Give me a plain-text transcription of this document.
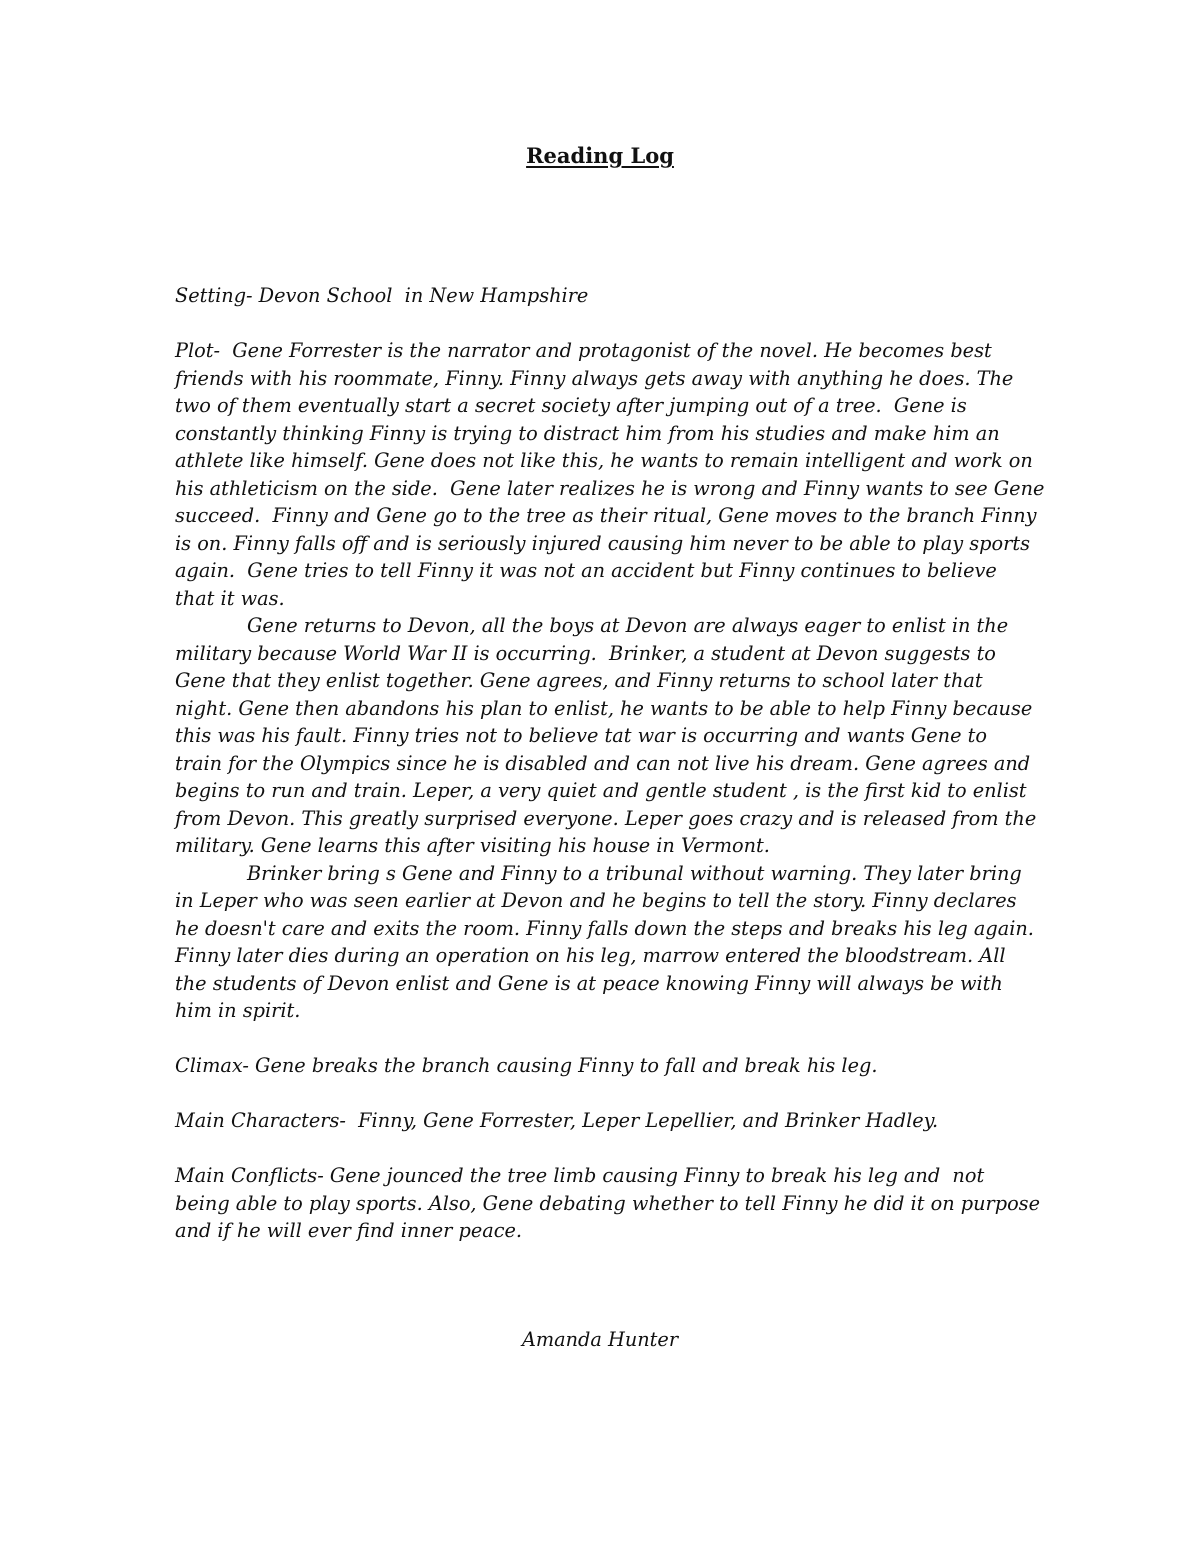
Reading Log
Setting- Devon School  in New Hampshire
Plot-  Gene Forrester is the narrator and protagonist of the novel. He becomes best
friends with his roommate, Finny. Finny always gets away with anything he does. The
two of them eventually start a secret society after jumping out of a tree.  Gene is
constantly thinking Finny is trying to distract him from his studies and make him an
athlete like himself. Gene does not like this, he wants to remain intelligent and work on
his athleticism on the side.  Gene later realizes he is wrong and Finny wants to see Gene
succeed.  Finny and Gene go to the tree as their ritual, Gene moves to the branch Finny
is on. Finny falls off and is seriously injured causing him never to be able to play sports
again.  Gene tries to tell Finny it was not an accident but Finny continues to believe
that it was.
Gene returns to Devon, all the boys at Devon are always eager to enlist in the
military because World War II is occurring.  Brinker, a student at Devon suggests to
Gene that they enlist together. Gene agrees, and Finny returns to school later that
night. Gene then abandons his plan to enlist, he wants to be able to help Finny because
this was his fault. Finny tries not to believe tat war is occurring and wants Gene to
train for the Olympics since he is disabled and can not live his dream. Gene agrees and
begins to run and train. Leper, a very quiet and gentle student , is the first kid to enlist
from Devon. This greatly surprised everyone. Leper goes crazy and is released from the
military. Gene learns this after visiting his house in Vermont.
Brinker bring s Gene and Finny to a tribunal without warning. They later bring
in Leper who was seen earlier at Devon and he begins to tell the story. Finny declares
he doesn't care and exits the room. Finny falls down the steps and breaks his leg again.
Finny later dies during an operation on his leg, marrow entered the bloodstream. All
the students of Devon enlist and Gene is at peace knowing Finny will always be with
him in spirit.
Climax- Gene breaks the branch causing Finny to fall and break his leg.
Main Characters-  Finny, Gene Forrester, Leper Lepellier, and Brinker Hadley.
Main Conflicts- Gene jounced the tree limb causing Finny to break his leg and  not
being able to play sports. Also, Gene debating whether to tell Finny he did it on purpose
and if he will ever find inner peace.
Amanda Hunter
